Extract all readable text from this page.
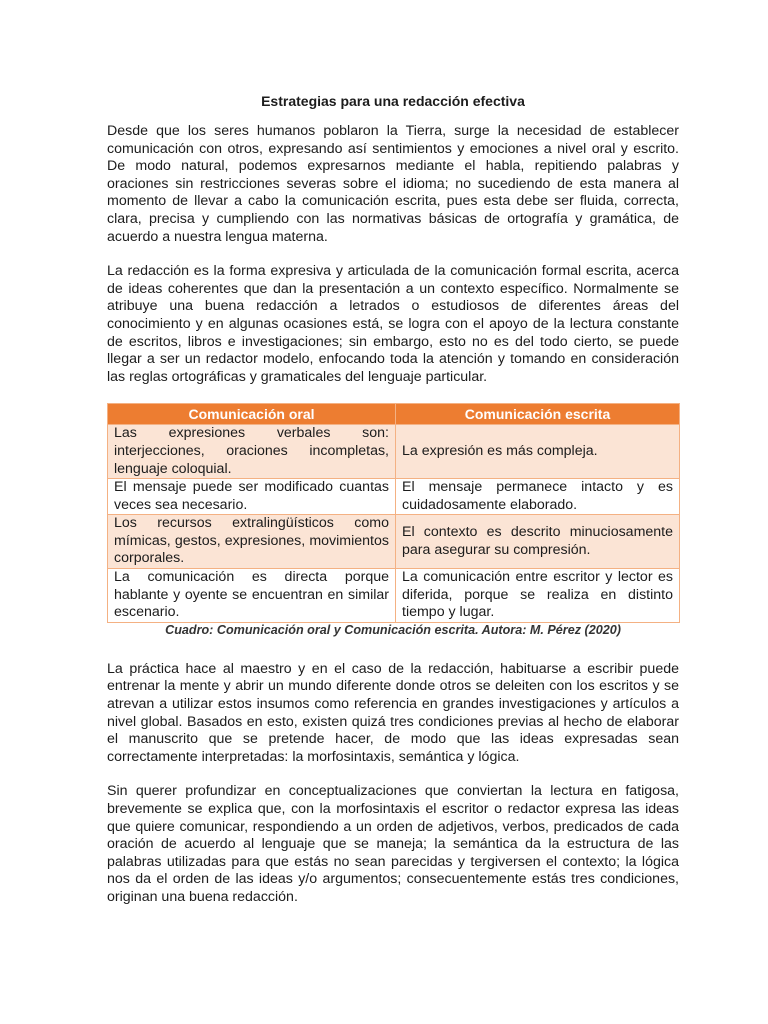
Estrategias para una redacción efectiva

Desde que los seres humanos poblaron la Tierra, surge la necesidad de establecer comunicación con otros, expresando así sentimientos y emociones a nivel oral y escrito. De modo natural, podemos expresarnos mediante el habla, repitiendo palabras y oraciones sin restricciones severas sobre el idioma; no sucediendo de esta manera al momento de llevar a cabo la comunicación escrita, pues esta debe ser fluida, correcta, clara, precisa y cumpliendo con las normativas básicas de ortografía y gramática, de acuerdo a nuestra lengua materna.

La redacción es la forma expresiva y articulada de la comunicación formal escrita, acerca de ideas coherentes que dan la presentación a un contexto específico. Normalmente se atribuye una buena redacción a letrados o estudiosos de diferentes áreas del conocimiento y en algunas ocasiones está, se logra con el apoyo de la lectura constante de escritos, libros e investigaciones; sin embargo, esto no es del todo cierto, se puede llegar a ser un redactor modelo, enfocando toda la atención y tomando en consideración las reglas ortográficas y gramaticales del lenguaje particular.

Comunicación oral	Comunicación escrita
Las expresiones verbales son: interjecciones, oraciones incompletas, lenguaje coloquial.	La expresión es más compleja.
El mensaje puede ser modificado cuantas veces sea necesario.	El mensaje permanece intacto y es cuidadosamente elaborado.
Los recursos extralingüísticos como mímicas, gestos, expresiones, movimientos corporales.	El contexto es descrito minuciosamente para asegurar su compresión.
La comunicación es directa porque hablante y oyente se encuentran en similar escenario.	La comunicación entre escritor y lector es diferida, porque se realiza en distinto tiempo y lugar.
Cuadro: Comunicación oral y Comunicación escrita. Autora: M. Pérez (2020)

La práctica hace al maestro y en el caso de la redacción, habituarse a escribir puede entrenar la mente y abrir un mundo diferente donde otros se deleiten con los escritos y se atrevan a utilizar estos insumos como referencia en grandes investigaciones y artículos a nivel global. Basados en esto, existen quizá tres condiciones previas al hecho de elaborar el manuscrito que se pretende hacer, de modo que las ideas expresadas sean correctamente interpretadas: la morfosintaxis, semántica y lógica.

Sin querer profundizar en conceptualizaciones que conviertan la lectura en fatigosa, brevemente se explica que, con la morfosintaxis el escritor o redactor expresa las ideas que quiere comunicar, respondiendo a un orden de adjetivos, verbos, predicados de cada oración de acuerdo al lenguaje que se maneja; la semántica da la estructura de las palabras utilizadas para que estás no sean parecidas y tergiversen el contexto; la lógica nos da el orden de las ideas y/o argumentos; consecuentemente estás tres condiciones, originan una buena redacción.
